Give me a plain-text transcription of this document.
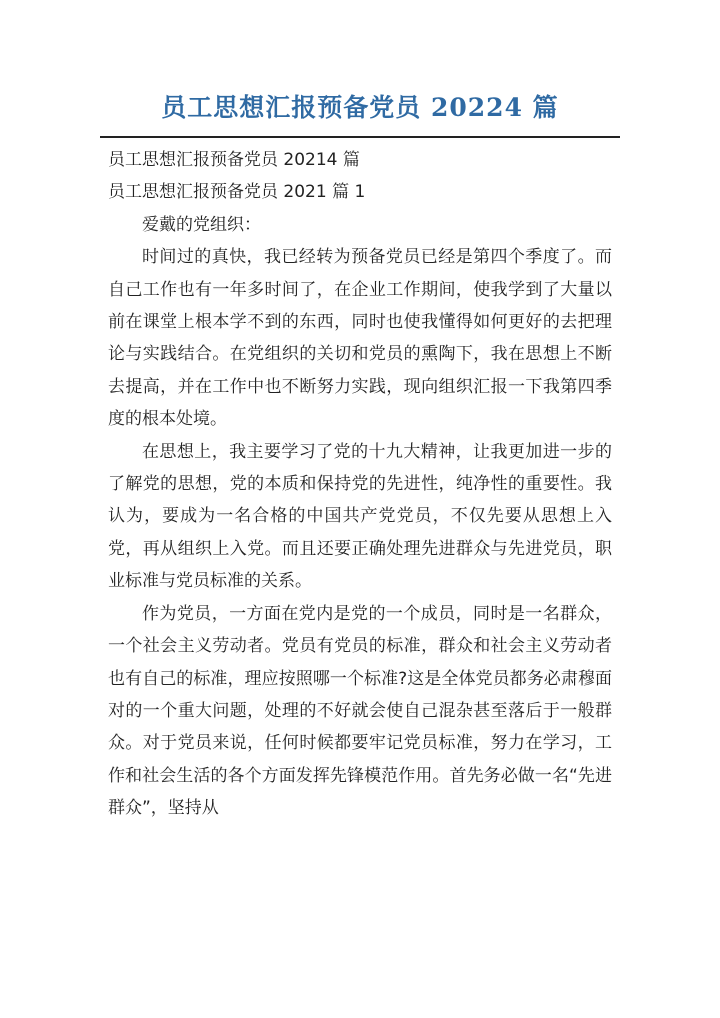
员工思想汇报预备党员 20224 篇

员工思想汇报预备党员 20214 篇

员工思想汇报预备党员 2021 篇 1

爱戴的党组织：

时间过的真快，我已经转为预备党员已经是第四个季度了。而自己工作也有一年多时间了，在企业工作期间，使我学到了大量以前在课堂上根本学不到的东西，同时也使我懂得如何更好的去把理论与实践结合。在党组织的关切和党员的熏陶下，我在思想上不断去提高，并在工作中也不断努力实践，现向组织汇报一下我第四季度的根本处境。

在思想上，我主要学习了党的十九大精神，让我更加进一步的了解党的思想，党的本质和保持党的先进性，纯净性的重要性。我认为，要成为一名合格的中国共产党党员，不仅先要从思想上入党，再从组织上入党。而且还要正确处理先进群众与先进党员，职业标准与党员标准的关系。

作为党员，一方面在党内是党的一个成员，同时是一名群众，一个社会主义劳动者。党员有党员的标准，群众和社会主义劳动者也有自己的标准，理应按照哪一个标准?这是全体党员都务必肃穆面对的一个重大问题，处理的不好就会使自己混杂甚至落后于一般群众。对于党员来说，任何时候都要牢记党员标准，努力在学习，工作和社会生活的各个方面发挥先锋模范作用。首先务必做一名“先进群众”，坚持从
